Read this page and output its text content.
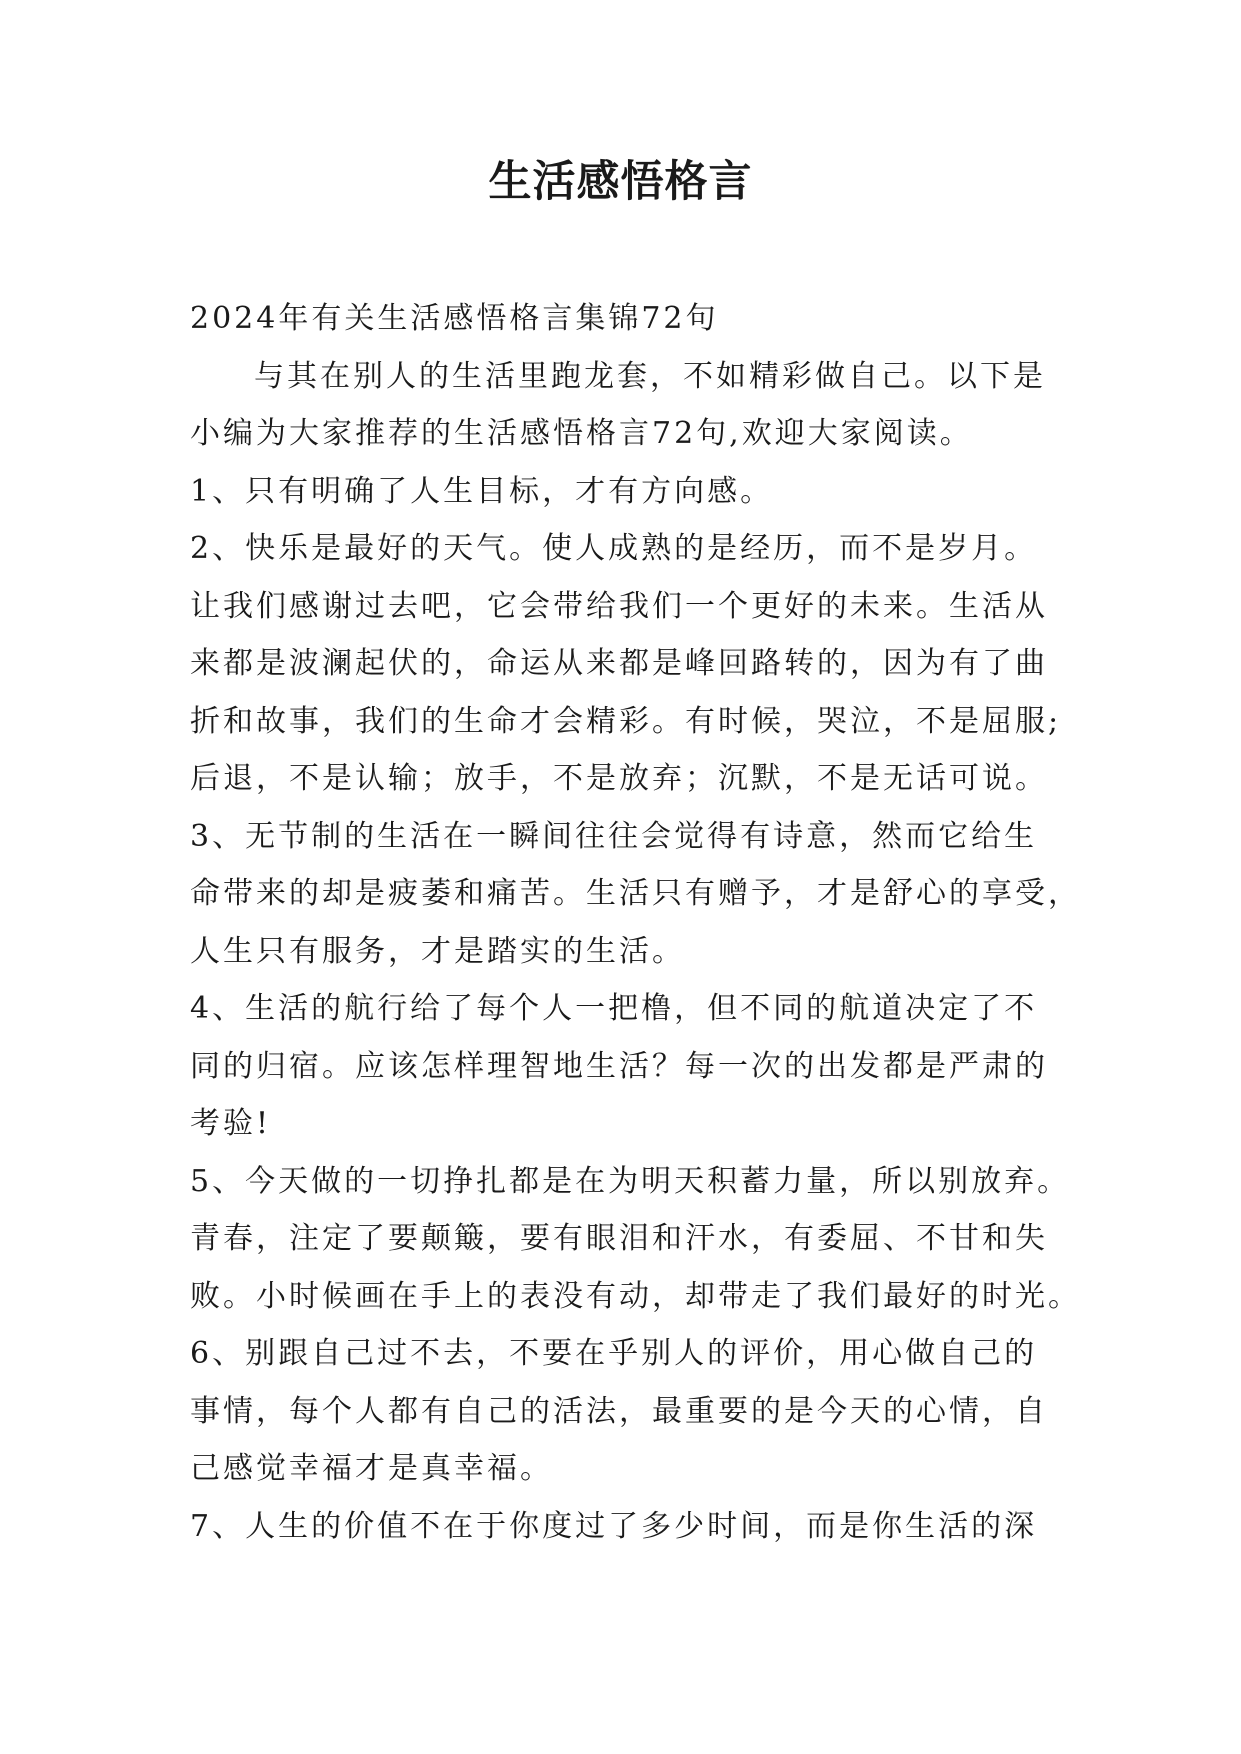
生活感悟格言

2024年有关生活感悟格言集锦72句

与其在别人的生活里跑龙套，不如精彩做自己。以下是

小编为大家推荐的生活感悟格言72句,欢迎大家阅读。

1、只有明确了人生目标，才有方向感。

2、快乐是最好的天气。使人成熟的是经历，而不是岁月。

让我们感谢过去吧，它会带给我们一个更好的未来。生活从

来都是波澜起伏的，命运从来都是峰回路转的，因为有了曲

折和故事，我们的生命才会精彩。有时候，哭泣，不是屈服;

后退，不是认输；放手，不是放弃；沉默，不是无话可说。

3、无节制的生活在一瞬间往往会觉得有诗意，然而它给生

命带来的却是疲萎和痛苦。生活只有赠予，才是舒心的享受，

人生只有服务，才是踏实的生活。

4、生活的航行给了每个人一把橹，但不同的航道决定了不

同的归宿。应该怎样理智地生活？每一次的出发都是严肃的

考验!

5、今天做的一切挣扎都是在为明天积蓄力量，所以别放弃。

青春，注定了要颠簸，要有眼泪和汗水，有委屈、不甘和失

败。小时候画在手上的表没有动，却带走了我们最好的时光。

6、别跟自己过不去，不要在乎别人的评价，用心做自己的

事情，每个人都有自己的活法，最重要的是今天的心情，自

己感觉幸福才是真幸福。

7、人生的价值不在于你度过了多少时间，而是你生活的深
